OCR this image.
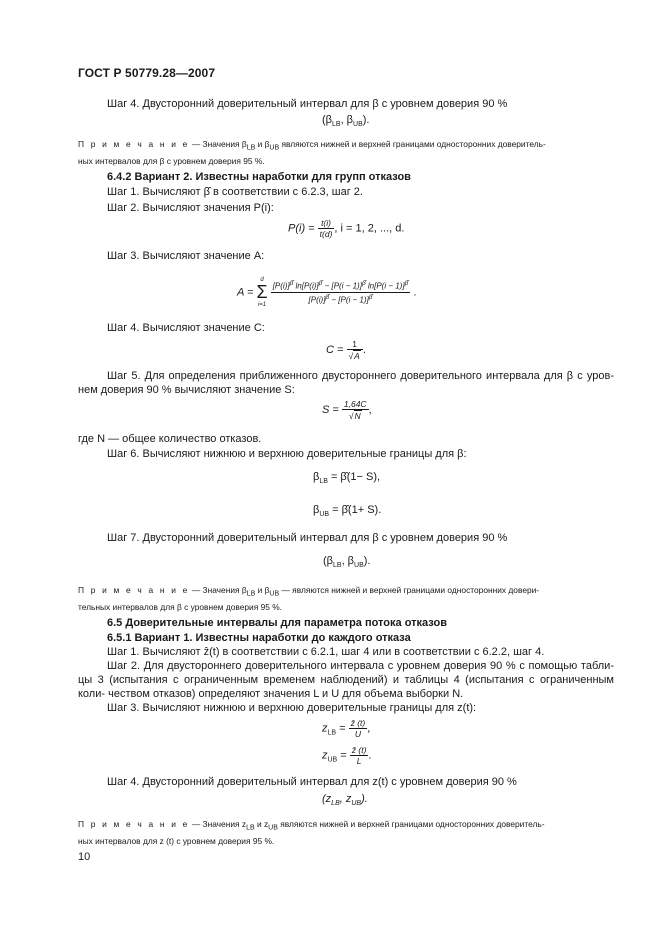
ГОСТ Р 50779.28—2007
Шаг 4. Двусторонний доверительный интервал для β с уровнем доверия 90 %
($\beta_{LB}$, $\beta_{UB}$).
П р и м е ч а н и е — Значения $\beta_{LB}$ и $\beta_{UB}$ являются нижней и верхней границами односторонних доверитель-
ных интервалов для β с уровнем доверия 95 %.
6.4.2 Вариант 2. Известны наработки для групп отказов
Шаг 1. Вычисляют β̂ в соответствии с 6.2.3, шаг 2.
Шаг 2. Вычисляют значения P(i):
$P(i) = \frac{t(i)}{t(d)}$ , i = 1, 2, ..., d.
Шаг 3. Вычисляют значение A:
A =
d
Σ
i=1
$\frac{[P(i)]^{\betâ} \ln[P(i)]^{\betâ} - [P(i - 1)]^{\betâ} \ln[P(i - 1)]^{\betâ}}{[P(i)]^{\betâ} - [P(i - 1)]^{\betâ}}$ .
Шаг 4. Вычисляют значение C:
$C = \frac{1}{√A}$ .
Шаг 5. Для определения приближенного двустороннего доверительного интервала для β с уров- нем доверия 90 % вычисляют значение S:
$S = \frac{1,64C}{√N}$ ,
где N — общее количество отказов.
Шаг 6. Вычисляют нижнюю и верхнюю доверительные границы для β:
$\beta_{LB}$ = β̂(1− S),
$\beta_{UB}$ = β̂(1+ S).
Шаг 7. Двусторонний доверительный интервал для β с уровнем доверия 90 %
($\beta_{LB}$, $\beta_{UB}$).
П р и м е ч а н и е — Значения $\beta_{LB}$ и $\beta_{UB}$ — являются нижней и верхней границами односторонних довери-
тельных интервалов для β с уровнем доверия 95 %.
6.5 Доверительные интервалы для параметра потока отказов
6.5.1 Вариант 1. Известны наработки до каждого отказа
Шаг 1. Вычисляют ẑ(t) в соответствии с 6.2.1, шаг 4 или в соответствии с 6.2.2, шаг 4.
Шаг 2. Для двустороннего доверительного интервала с уровнем доверия 90 % с помощью табли- цы 3 (испытания с ограниченным временем наблюдений) и таблицы 4 (испытания с ограниченным коли- чеством отказов) определяют значения L и U для объема выборки N.
Шаг 3. Вычисляют нижнюю и верхнюю доверительные границы для z(t):
$z_{LB} = \frac{\text{ẑ (t)}}{U}$ ,
$z_{UB} = \frac{\text{ẑ (t)}}{L}$ .
Шаг 4. Двусторонний доверительный интервал для z(t) с уровнем доверия 90 %
($z_{LB}$, $z_{UB}$).
П р и м е ч а н и е — Значения $z_{LB}$ и $z_{UB}$ являются нижней и верхней границами односторонних доверитель-
ных интервалов для z (t) с уровнем доверия 95 %.
10
